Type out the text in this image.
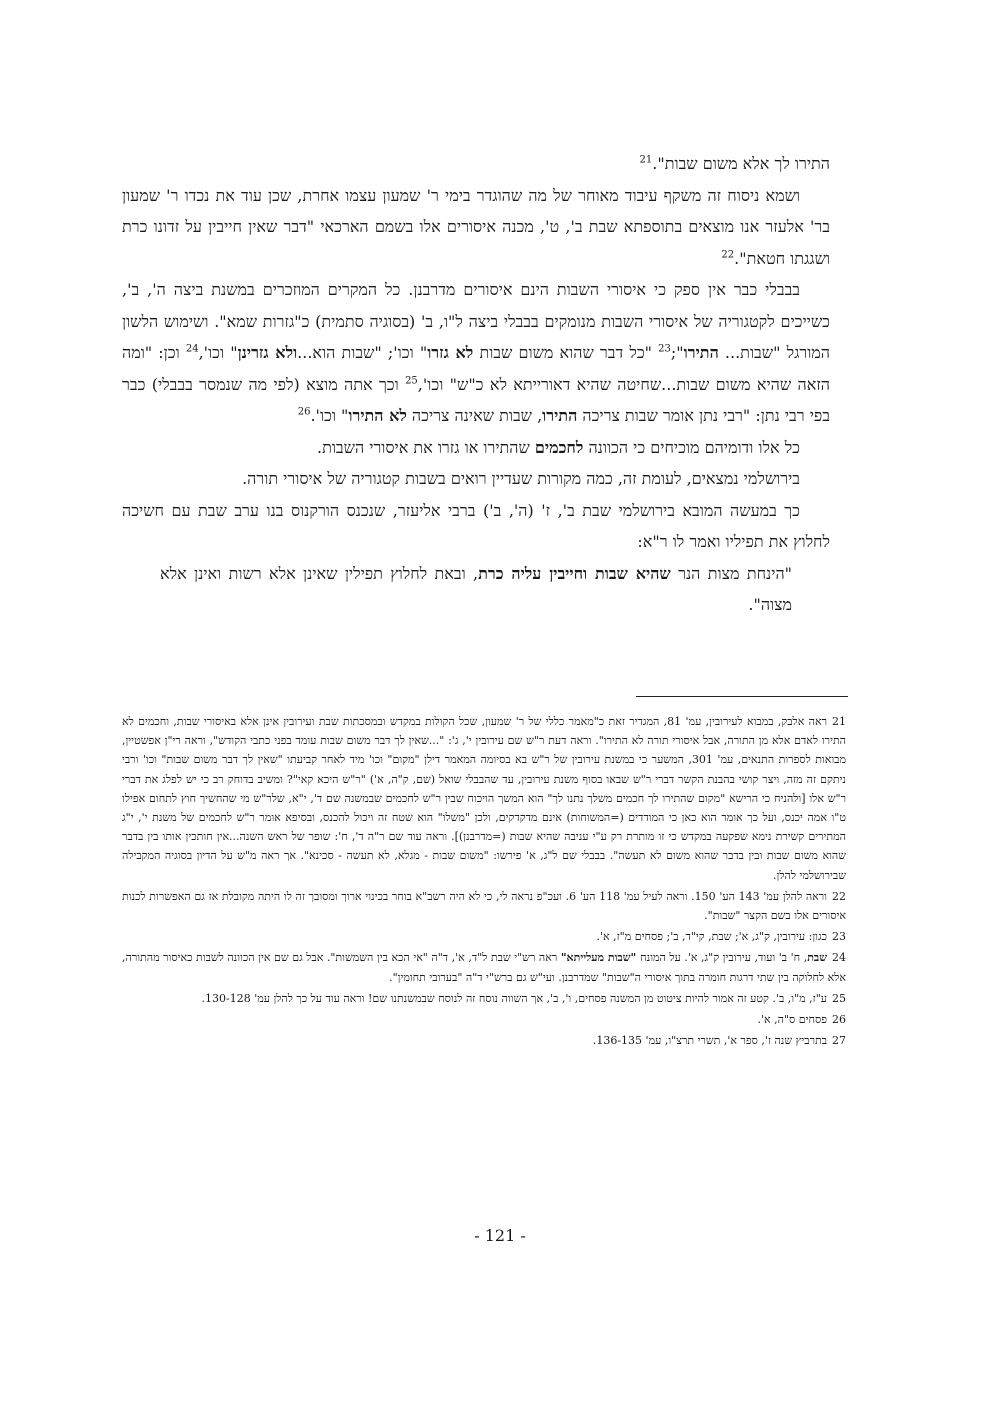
התירו לך אלא משום שבות".$^{21}$

ושמא ניסוח זה משקף עיבוד מאוחר של מה שהוגדר בימי ר' שמעון עצמו אחרת, שכן עוד את נכדו ר' שמעון בר' אלעזר אנו מוצאים בתוספתא שבת ב', ט', מכנה איסורים אלו בשמם הארכאי "דבר שאין חייבין על זדונו כרת ושגגתו חטאת".$^{22}$

בבבלי כבר אין ספק כי איסורי השבות הינם איסורים מדרבנן. כל המקרים המוזכרים במשנת ביצה ה', ב', כשייכים לקטגוריה של איסורי השבות מנומקים בבבלי ביצה ל"ו, ב' (בסוגיה סתמית) כ"גזרות שמא". ושימוש הלשון המורגל "שבות... התירו";$^{23}$ "כל דבר שהוא משום שבות לא גזרו" וכו'; "שבות הוא...ולא גזרינן" וכו',$^{24}$ וכן: "ומה הזאה שהיא משום שבות...שחיטה שהיא דאורייתא לא כ"ש" וכו',$^{25}$ וכך אתה מוצא (לפי מה שנמסר בבבלי) כבר בפי רבי נתן: "רבי נתן אומר שבות צריכה התירו, שבות שאינה צריכה לא התירו" וכו'.$^{26}$

כל אלו ודומיהם מוכיחים כי הכוונה לחכמים שהתירו או גזרו את איסורי השבות.

בירושלמי נמצאים, לעומת זה, כמה מקורות שעדיין רואים בשבות קטגוריה של איסורי תורה.

כך במעשה המובא בירושלמי שבת ב', ז' (ה', ב') ברבי אליעזר, שנכנס הורקנוס בנו ערב שבת עם חשיכה לחלוץ את תפיליו ואמר לו ר"א:

"הינחת מצות הנר שהיא שבות וחייבין עליה כרת, ובאת לחלוץ תפילין שאינן אלא רשות ואינן אלא מצוה".

21ראה אלבק, במבוא לעירובין, עמ' 81, המגדיר זאת כ"מאמר כללי של ר' שמעון, שכל הקולות במקדש ובמסכתות שבת ועירובין אינן אלא באיסורי שבות, וחכמים לא התירו לאדם אלא מן התורה, אבל איסורי תורה לא התירו". וראה דעת ר"ש שם עירובין י', ג': "...שאין לך דבר משום שבות עומד בפני כתבי הקודש", וראה רי"ן אפשטיין, מבואות לספרות התנאים, עמ' 301, המשער כי במשנת עירובין של ר"ש בא בסיומה המאמר דילן "מקום" וכו' מיד לאחר קביעתו "שאין לך דבר משום שבות" וכו' ורבי ניתקם זה מזה, ויצר קושי בהבנת הקשר דברי ר"ש שבאו בסוף משנת עירובין, עד שהבבלי שואל (שם, ק"ה, א') "ר"ש היכא קאי"? ומשיב בדוחק רב כי יש לפלג את דברי ר"ש אלו [ולהניח כי הרישא "מקום שהתירו לך חכמים משלך נתנו לך" הוא המשך הויכוח שבין ר"ש לחכמים שבמשנה שם ד', י"א, שלר"ש מי שהחשיך חוץ לתחום אפילו ט"ו אמה יכנס, ועל כך אומר הוא כאן כי המודדים (=המשוחות) אינם מדקדקים, ולכן "משלו" הוא שטח זה ויכול להכנס, ובסיפא אומר ר"ש לחכמים של משנת י', י"ג המתירים קשירת נימא שפקעה במקדש כי זו מותרת רק ע"י עניבה שהיא שבות (=מדרבנן)]. וראה עוד שם ר"ה ד', ח': שופר של ראש השנה...אין חותכין אותו בין בדבר שהוא משום שבות ובין בדבר שהוא משום לא תעשה". בבבלי שם ל"ג, א' פירשו: "משום שבות - מגלא, לא תעשה - סכינא". אך ראה מ"ש על הדיון בסוגיה המקבילה שבירושלמי להלן.

22וראה להלן עמ' 143 הע' 150. וראה לעיל עמ' 118 הע' 6. ועכ"פ נראה לי, כי לא היה רשב"א בוחר בכינוי ארוך ומסובך זה לו היתה מקובלת אז גם האפשרות לכנות איסורים אלו בשם הקצר "שבות".

23כגון: עירובין, ק"ג, א'; שבת, קי"ד, ב'; פסחים מ"ז, א'.

24שבת, ח' ב' ועוד, עירובין ק"ג, א'. על המונח "שבות מעלייתא" ראה רש"י שבת ל"ד, א', ד"ה "אי הכא בין השמשות". אבל גם שם אין הכוונה לשבות כאיסור מהתורה, אלא לחלוקה בין שתי דרגות חומרה בתוך איסורי ה"שבות" שמדרבנן. ועי"ש גם ברש"י ד"ה "בערובי תחומין".

25ע"ז, מ"ו, ב'. קטע זה אמור להיות ציטוט מן המשנה פסחים, ו', ב', אך השווה נוסח זה לנוסח שבמשנתנו שם! וראה עוד על כך להלן עמ' 130-128.

26פסחים ס"ה, א'.

27בתרביץ שנה ז', ספר א', תשרי תרצ"ו, עמ' 136-135.

- 121 -
